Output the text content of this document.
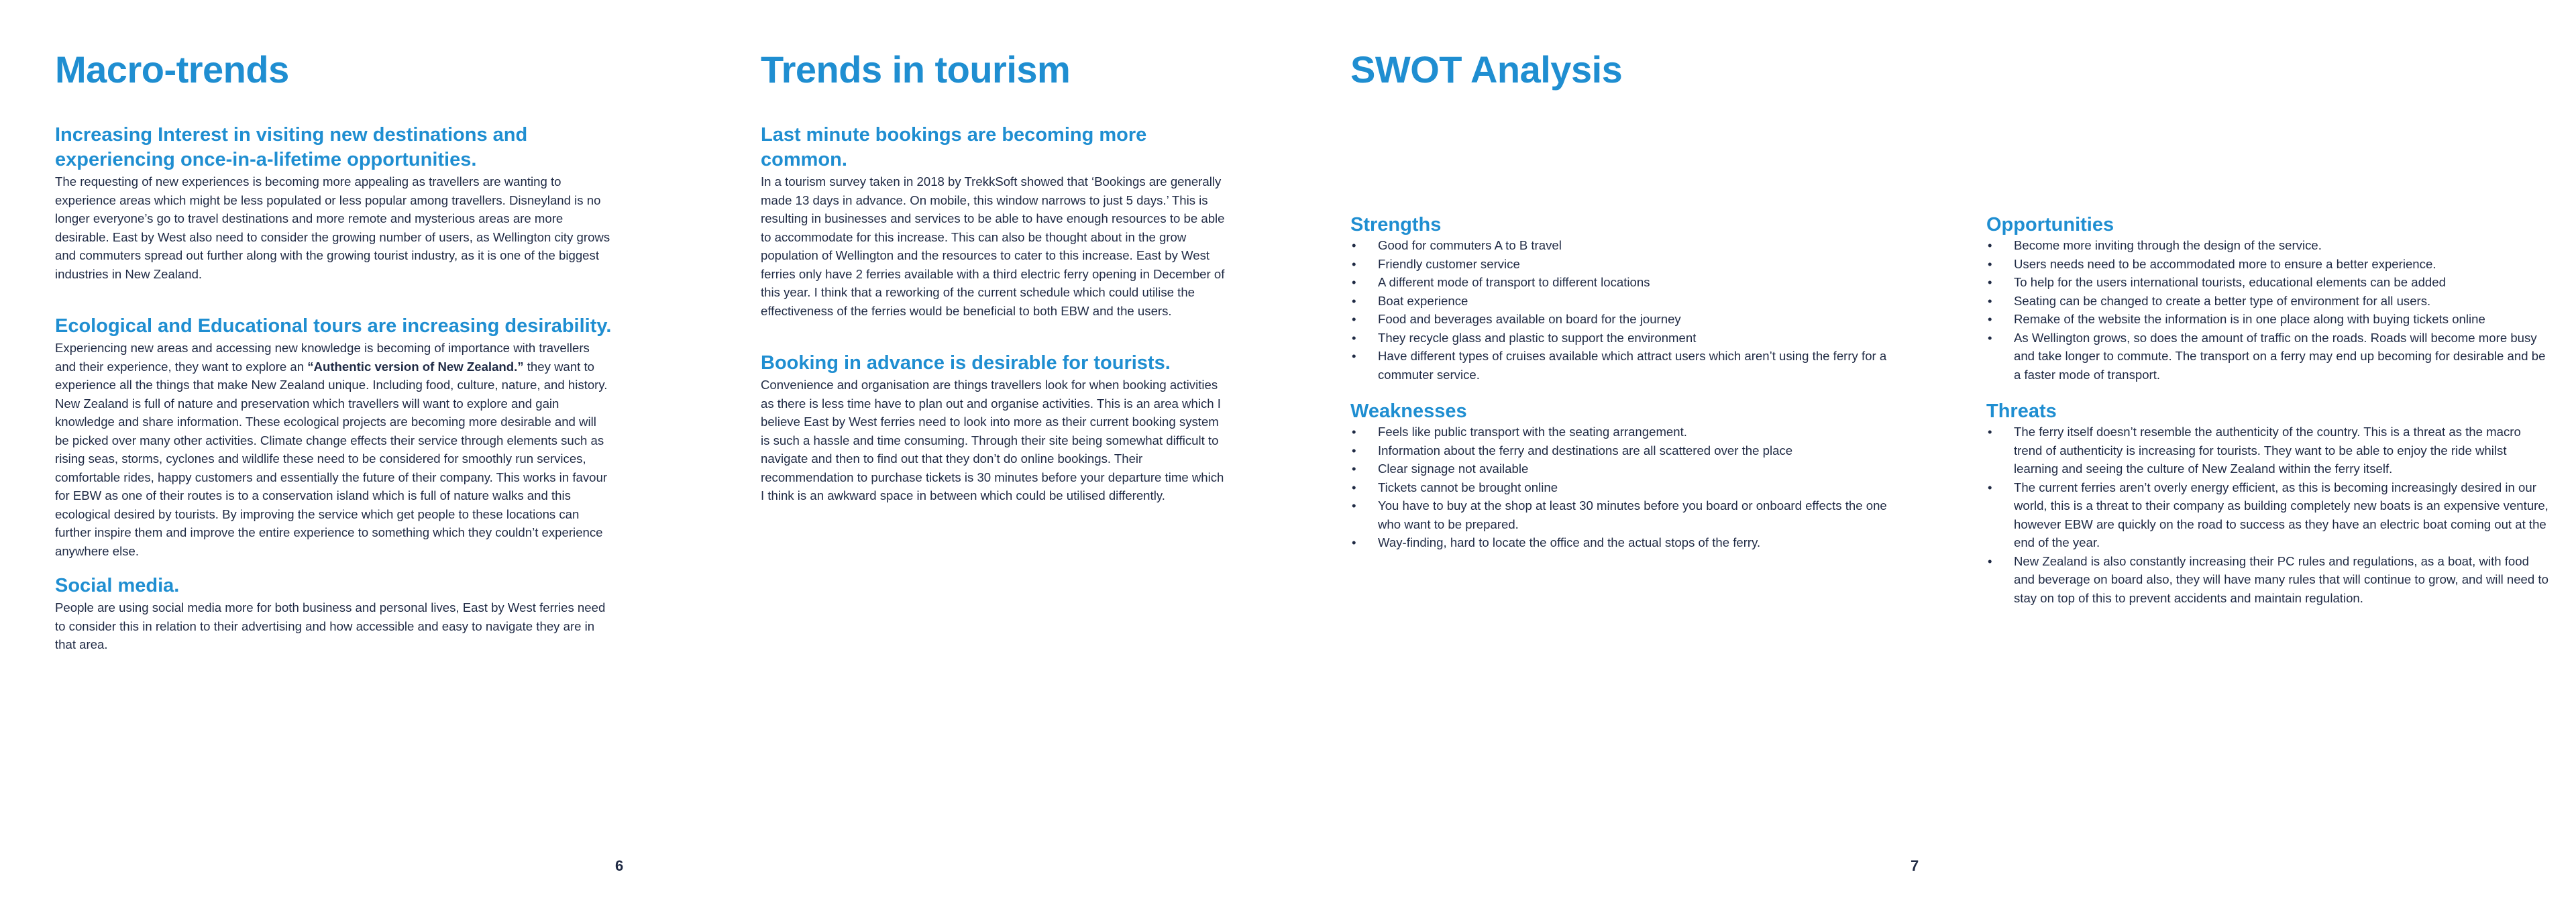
Macro-trends
Increasing Interest in visiting new destinations and experiencing once-in-a-lifetime opportunities.

The requesting of new experiences is becoming more appealing as travellers are wanting to experience areas which might be less populated or less popular among travellers. Disneyland is no longer everyone’s go to travel destinations and more remote and mysterious areas are more desirable. East by West also need to consider the growing number of users, as Wellington city grows and commuters spread out further along with the growing tourist industry, as it is one of the biggest industries in New Zealand.

Ecological and Educational tours are increasing desirability.

Experiencing new areas and accessing new knowledge is becoming of importance with travellers and their experience, they want to explore an “Authentic version of New Zealand.” they want to experience all the things that make New Zealand unique. Including food, culture, nature, and history.
New Zealand is full of nature and preservation which travellers will want to explore and gain knowledge and share information. These ecological projects are becoming more desirable and will be picked over many other activities. Climate change effects their service through elements such as rising seas, storms, cyclones and wildlife these need to be considered for smoothly run services, comfortable rides, happy customers and essentially the future of their company. This works in favour for EBW as one of their routes is to a conservation island which is full of nature walks and this ecological desired by tourists. By improving the service which get people to these locations can further inspire them and improve the entire experience to something which they couldn’t experience anywhere else.

Social media.

People are using social media more for both business and personal lives, East by West ferries need to consider this in relation to their advertising and how accessible and easy to navigate they are in that area.

Trends in tourism
Last minute bookings are becoming more common.

In a tourism survey taken in 2018 by TrekkSoft showed that ‘Bookings are generally made 13 days in advance. On mobile, this window narrows to just 5 days.’ This is resulting in businesses and services to be able to have enough resources to be able to accommodate for this increase. This can also be thought about in the grow population of Wellington and the resources to cater to this increase. East by West ferries only have 2 ferries available with a third electric ferry opening in December of this year. I think that a reworking of the current schedule which could utilise the effectiveness of the ferries would be beneficial to both EBW and the users.

Booking in advance is desirable for tourists.

Convenience and organisation are things travellers look for when booking activities as there is less time have to plan out and organise activities. This is an area which I believe East by West ferries need to look into more as their current booking system is such a hassle and time consuming. Through their site being somewhat difficult to navigate and then to find out that they don’t do online bookings. Their recommendation to purchase tickets is 30 minutes before your departure time which I think is an awkward space in between which could be utilised differently.

6
SWOT Analysis
Strengths
• Good for commuters A to B travel
• Friendly customer service
• A different mode of transport to different locations
• Boat experience
• Food and beverages available on board for the journey
• They recycle glass and plastic to support the environment
• Have different types of cruises available which attract users which aren’t using the ferry for a commuter service.
Weaknesses
• Feels like public transport with the seating arrangement.
• Information about the ferry and destinations are all scattered over the place
• Clear signage not available
• Tickets cannot be brought online
• You have to buy at the shop at least 30 minutes before you board or onboard effects the one who want to be prepared.
• Way-finding, hard to locate the office and the actual stops of the ferry.
Opportunities
• Become more inviting through the design of the service.
• Users needs need to be accommodated more to ensure a better experience.
• To help for the users international tourists, educational elements can be added
• Seating can be changed to create a better type of environment for all users.
• Remake of the website the information is in one place along with buying tickets online
• As Wellington grows, so does the amount of traffic on the roads. Roads will become more busy and take longer to commute. The transport on a ferry may end up becoming for desirable and be a faster mode of transport.
Threats
• The ferry itself doesn’t resemble the authenticity of the country. This is a threat as the macro trend of authenticity is increasing for tourists. They want to be able to enjoy the ride whilst learning and seeing the culture of New Zealand within the ferry itself.
• The current ferries aren’t overly energy efficient, as this is becoming increasingly desired in our world, this is a threat to their company as building completely new boats is an expensive venture, however EBW are quickly on the road to success as they have an electric boat coming out at the end of the year.
• New Zealand is also constantly increasing their PC rules and regulations, as a boat, with food and beverage on board also, they will have many rules that will continue to grow, and will need to stay on top of this to prevent accidents and maintain regulation.
7
